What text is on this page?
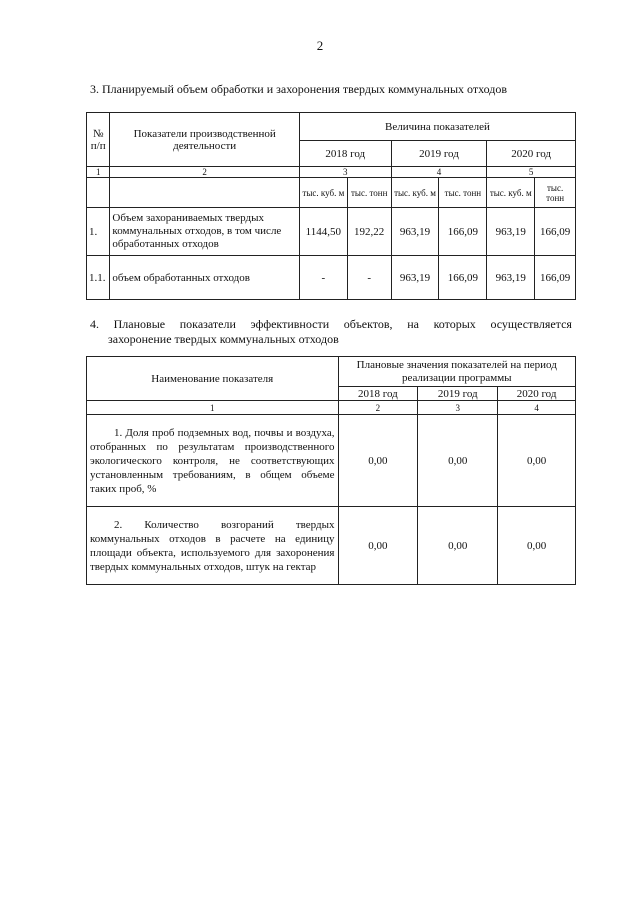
2
3. Планируемый объем обработки и захоронения твердых коммунальных отходов
№ п/п	Показатели производственной деятельности	Величина показателей					
		2018 год		2019 год		2020 год	
1	2	3		4		5	
		тыс. куб. м	тыс. тонн	тыс. куб. м	тыс. тонн	тыс. куб. м	тыс. тонн
1.	Объем захораниваемых твердых коммунальных отходов, в том числе обработанных отходов	1144,50	192,22	963,19	166,09	963,19	166,09
1.1.	объем обработанных отходов	-	-	963,19	166,09	963,19	166,09
4. Плановые показатели эффективности объектов, на которых осуществляется
захоронение твердых коммунальных отходов
Наименование показателя	Плановые значения показателей на период реализации программы		
	2018 год	2019 год	2020 год
1	2	3	4
1. Доля проб подземных вод, почвы и воздуха, отобранных по результатам производственного экологического контроля, не соответствующих установленным требованиям, в общем объеме таких проб, %	0,00	0,00	0,00
2. Количество возгораний твердых коммунальных отходов в расчете на единицу площади объекта, используемого для захоронения твердых коммунальных отходов, штук на гектар	0,00	0,00	0,00
